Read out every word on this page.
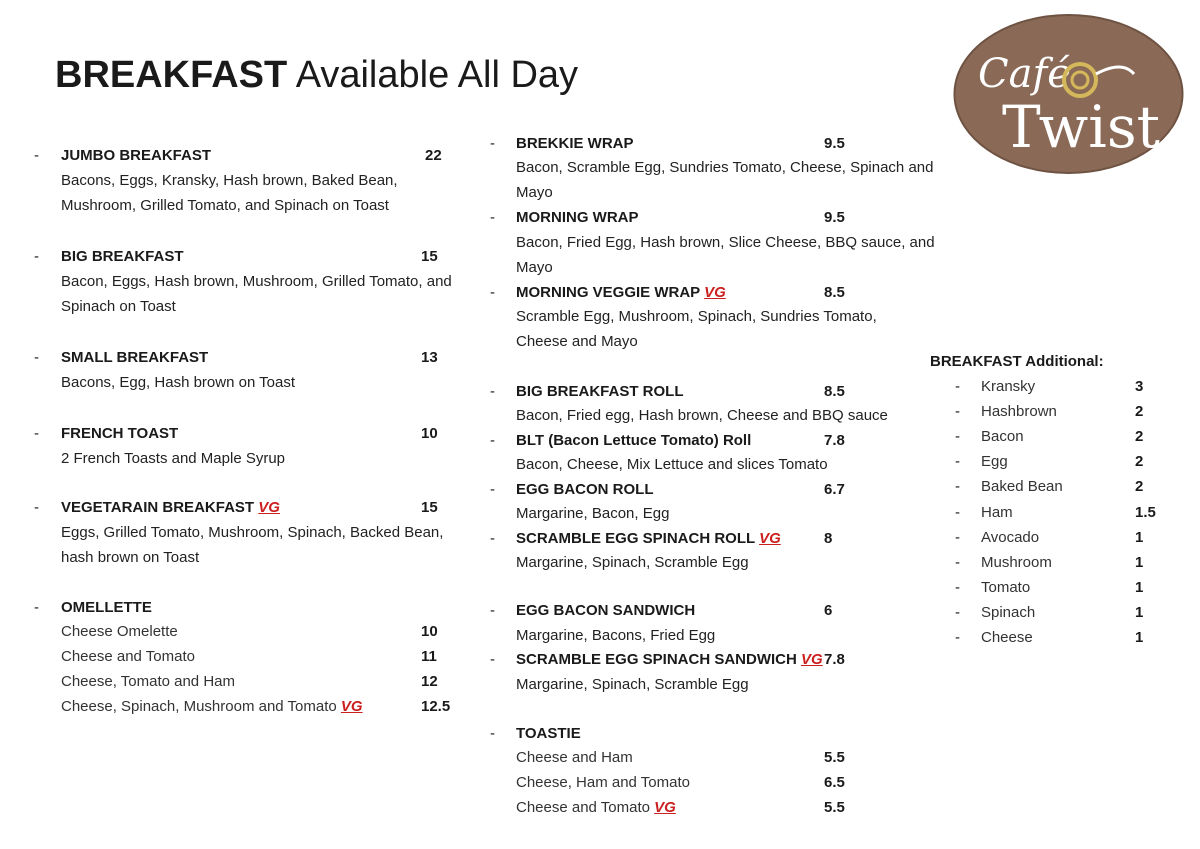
BREAKFAST Available All Day	Café
Twist
-
-
-
-
-
-
JUMBO BREAKFAST	22
Bacons, Eggs, Kransky, Hash brown, Baked Bean,
Mushroom, Grilled Tomato, and Spinach on Toast
BIG BREAKFAST	15
Bacon, Eggs, Hash brown, Mushroom, Grilled Tomato, and
Spinach on Toast
SMALL BREAKFAST	13
Bacons, Egg, Hash brown on Toast
FRENCH TOAST	10
2 French Toasts and Maple Syrup
VEGETARAIN BREAKFAST VG	15
Eggs, Grilled Tomato, Mushroom, Spinach, Backed Bean,
hash brown on Toast
OMELLETTE
Cheese Omelette	10
Cheese and Tomato	11
Cheese, Tomato and Ham	12
Cheese, Spinach, Mushroom and Tomato VG	12.5
-
-
-
-
-
-
-
-
-
-
BREKKIE WRAP	9.5
Bacon, Scramble Egg, Sundries Tomato, Cheese, Spinach and
Mayo
MORNING WRAP	9.5
Bacon, Fried Egg, Hash brown, Slice Cheese, BBQ sauce, and
Mayo
MORNING VEGGIE WRAP VG	8.5
Scramble Egg, Mushroom, Spinach, Sundries Tomato,
Cheese and Mayo
BIG BREAKFAST ROLL	8.5
Bacon, Fried egg, Hash brown, Cheese and BBQ sauce
BLT (Bacon Lettuce Tomato) Roll	7.8
Bacon, Cheese, Mix Lettuce and slices Tomato
EGG BACON ROLL	6.7
Margarine, Bacon, Egg
SCRAMBLE EGG SPINACH ROLL VG	8
Margarine, Spinach, Scramble Egg
EGG BACON SANDWICH	6
Margarine, Bacons, Fried Egg
SCRAMBLE EGG SPINACH SANDWICH VG 7.8
Margarine, Spinach, Scramble Egg
TOASTIE
Cheese and Ham	5.5
Cheese, Ham and Tomato	6.5
Cheese and Tomato VG	5.5
BREAKFAST Additional:
- Kransky	3
- Hashbrown	2
- Bacon	2
- Egg	2
- Baked Bean	2
- Ham	1.5
- Avocado	1
- Mushroom	1
- Tomato	1
- Spinach	1
- Cheese	1
